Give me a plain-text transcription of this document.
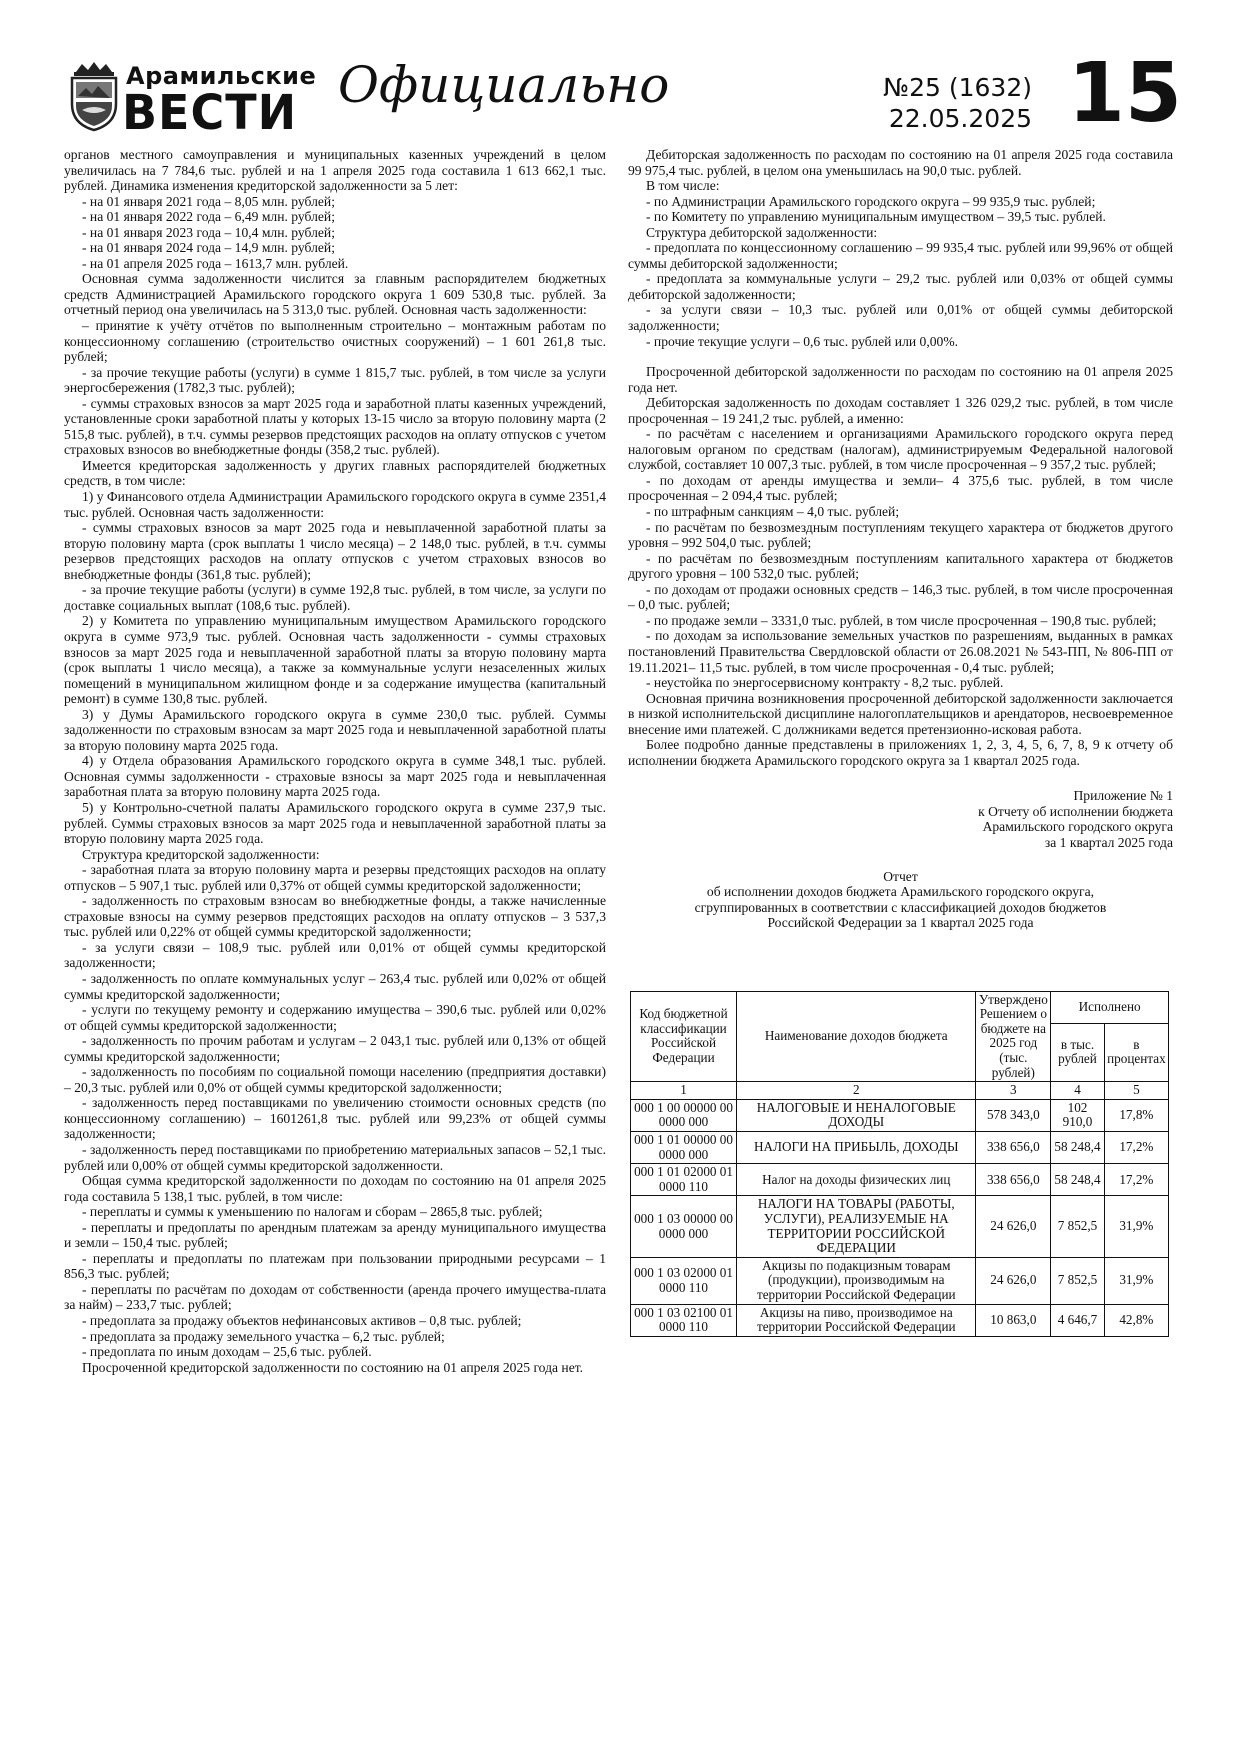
Арамильские
ВЕСТИ Официально	№25 (1632)
22.05.2025 15

органов местного самоуправления и муниципальных казенных учреждений в целом увеличилась на 7 784,6 тыс. рублей и на 1 апреля 2025 года составила 1 613 662,1 тыс. рублей. Динамика изменения кредиторской задолженности за 5 лет:

- на 01 января 2021 года – 8,05 млн. рублей;

- на 01 января 2022 года – 6,49 млн. рублей;

- на 01 января 2023 года – 10,4 млн. рублей;

- на 01 января 2024 года – 14,9 млн. рублей;

- на 01 апреля 2025 года – 1613,7 млн. рублей.

Основная сумма задолженности числится за главным распорядителем бюджетных средств Администрацией Арамильского городского округа 1 609 530,8 тыс. рублей. За отчетный период она увеличилась на 5 313,0 тыс. рублей. Основная часть задолженности:

– принятие к учёту отчётов по выполненным строительно – монтажным работам по концессионному соглашению (строительство очистных сооружений) – 1 601 261,8 тыс. рублей;

- за прочие текущие работы (услуги) в сумме 1 815,7 тыс. рублей, в том числе за услуги энергосбережения (1782,3 тыс. рублей);

- суммы страховых взносов за март 2025 года и заработной платы казенных учреждений, установленные сроки заработной платы у которых 13-15 число за вторую половину марта (2 515,8 тыс. рублей), в т.ч. суммы резервов предстоящих расходов на оплату отпусков с учетом страховых взносов во внебюджетные фонды (358,2 тыс. рублей).

Имеется кредиторская задолженность у других главных распорядителей бюджетных средств, в том числе:

1) у Финансового отдела Администрации Арамильского городского округа в сумме 2351,4 тыс. рублей. Основная часть задолженности:

- суммы страховых взносов за март 2025 года и невыплаченной заработной платы за вторую половину марта (срок выплаты 1 число месяца) – 2 148,0 тыс. рублей, в т.ч. суммы резервов предстоящих расходов на оплату отпусков с учетом страховых взносов во внебюджетные фонды (361,8 тыс. рублей);

- за прочие текущие работы (услуги) в сумме 192,8 тыс. рублей, в том числе, за услуги по доставке социальных выплат (108,6 тыс. рублей).

2) у Комитета по управлению муниципальным имуществом Арамильского городского округа в сумме 973,9 тыс. рублей. Основная часть задолженности - суммы страховых взносов за март 2025 года и невыплаченной заработной платы за вторую половину марта (срок выплаты 1 число месяца), а также за коммунальные услуги незаселенных жилых помещений в муниципальном жилищном фонде и за содержание имущества (капитальный ремонт) в сумме 130,8 тыс. рублей.

3) у Думы Арамильского городского округа в сумме 230,0 тыс. рублей. Суммы задолженности по страховым взносам за март 2025 года и невыплаченной заработной платы за вторую половину марта 2025 года.

4) у Отдела образования Арамильского городского округа в сумме 348,1 тыс. рублей. Основная суммы задолженности - страховые взносы за март 2025 года и невыплаченная заработная плата за вторую половину марта 2025 года.

5) у Контрольно-счетной палаты Арамильского городского округа в сумме 237,9 тыс. рублей. Суммы страховых взносов за март 2025 года и невыплаченной заработной платы за вторую половину марта 2025 года.

Структура кредиторской задолженности:

- заработная плата за вторую половину марта и резервы предстоящих расходов на оплату отпусков – 5 907,1 тыс. рублей или 0,37% от общей суммы кредиторской задолженности;

- задолженность по страховым взносам во внебюджетные фонды, а также начисленные страховые взносы на сумму резервов предстоящих расходов на оплату отпусков – 3 537,3 тыс. рублей или 0,22% от общей суммы кредиторской задолженности;

- за услуги связи – 108,9 тыс. рублей или 0,01% от общей суммы кредиторской задолженности;

- задолженность по оплате коммунальных услуг – 263,4 тыс. рублей или 0,02% от общей суммы кредиторской задолженности;

- услуги по текущему ремонту и содержанию имущества – 390,6 тыс. рублей или 0,02% от общей суммы кредиторской задолженности;

- задолженность по прочим работам и услугам – 2 043,1 тыс. рублей или 0,13% от общей суммы кредиторской задолженности;

- задолженность по пособиям по социальной помощи населению (предприятия доставки) – 20,3 тыс. рублей или 0,0% от общей суммы кредиторской задолженности;

- задолженность перед поставщиками по увеличению стоимости основных средств (по концессионному соглашению) – 1601261,8 тыс. рублей или 99,23% от общей суммы задолженности;

- задолженность перед поставщиками по приобретению материальных запасов – 52,1 тыс. рублей или 0,00% от общей суммы кредиторской задолженности.

Общая сумма кредиторской задолженности по доходам по состоянию на 01 апреля 2025 года составила 5 138,1 тыс. рублей, в том числе:

- переплаты и суммы к уменьшению по налогам и сборам – 2865,8 тыс. рублей;

- переплаты и предоплаты по арендным платежам за аренду муниципального имущества и земли – 150,4 тыс. рублей;

- переплаты и предоплаты по платежам при пользовании природными ресурсами – 1 856,3 тыс. рублей;

- переплаты по расчётам по доходам от собственности (аренда прочего имущества-плата за найм) – 233,7 тыс. рублей;

- предоплата за продажу объектов нефинансовых активов – 0,8 тыс. рублей;

- предоплата за продажу земельного участка – 6,2 тыс. рублей;

- предоплата по иным доходам – 25,6 тыс. рублей.

Просроченной кредиторской задолженности по состоянию на 01 апреля 2025 года нет.

Дебиторская задолженность по расходам по состоянию на 01 апреля 2025 года составила 99 975,4 тыс. рублей, в целом она уменьшилась на 90,0 тыс. рублей.

В том числе:

- по Администрации Арамильского городского округа – 99 935,9 тыс. рублей;

- по Комитету по управлению муниципальным имуществом – 39,5 тыс. рублей.

Структура дебиторской задолженности:

- предоплата по концессионному соглашению – 99 935,4 тыс. рублей или 99,96% от общей суммы дебиторской задолженности;

- предоплата за коммунальные услуги – 29,2 тыс. рублей или 0,03% от общей суммы дебиторской задолженности;

- за услуги связи – 10,3 тыс. рублей или 0,01% от общей суммы дебиторской задолженности;

- прочие текущие услуги – 0,6 тыс. рублей или 0,00%.

Просроченной дебиторской задолженности по расходам по состоянию на 01 апреля 2025 года нет.

Дебиторская задолженность по доходам составляет 1 326 029,2 тыс. рублей, в том числе просроченная – 19 241,2 тыс. рублей, а именно:

- по расчётам с населением и организациями Арамильского городского округа перед налоговым органом по средствам (налогам), администрируемым Федеральной налоговой службой, составляет 10 007,3 тыс. рублей, в том числе просроченная – 9 357,2 тыс. рублей;

- по доходам от аренды имущества и земли– 4 375,6 тыс. рублей, в том числе просроченная – 2 094,4 тыс. рублей;

- по штрафным санкциям – 4,0 тыс. рублей;

- по расчётам по безвозмездным поступлениям текущего характера от бюджетов другого уровня – 992 504,0 тыс. рублей;

- по расчётам по безвозмездным поступлениям капитального характера от бюджетов другого уровня – 100 532,0 тыс. рублей;

- по доходам от продажи основных средств – 146,3 тыс. рублей, в том числе просроченная – 0,0 тыс. рублей;

- по продаже земли – 3331,0 тыс. рублей, в том числе просроченная – 190,8 тыс. рублей;

- по доходам за использование земельных участков по разрешениям, выданных в рамках постановлений Правительства Свердловской области от 26.08.2021 № 543-ПП, № 806-ПП от 19.11.2021– 11,5 тыс. рублей, в том числе просроченная - 0,4 тыс. рублей;

- неустойка по энергосервисному контракту - 8,2 тыс. рублей.

Основная причина возникновения просроченной дебиторской задолженности заключается в низкой исполнительской дисциплине налогоплательщиков и арендаторов, несвоевременное внесение ими платежей. С должниками ведется претензионно-исковая работа.

Более подробно данные представлены в приложениях 1, 2, 3, 4, 5, 6, 7, 8, 9 к отчету об исполнении бюджета Арамильского городского округа за 1 квартал 2025 года.

Приложение № 1
к Отчету об исполнении бюджета
Арамильского городского округа
за 1 квартал 2025 года
Отчет
об исполнении доходов бюджета Арамильского городского округа,
сгруппированных в соответствии с классификацией доходов бюджетов
Российской Федерации за 1 квартал 2025 года
Код бюджетной классификации Российской Федерации	Наименование доходов бюджета	Утверждено Решением о бюджете на 2025 год (тыс. рублей)	Исполнено	
			в тыс. рублей	в процентах
1	2	3	4	5
000 1 00 00000 00 0000 000	НАЛОГОВЫЕ И НЕНАЛОГОВЫЕ ДОХОДЫ	578 343,0	102 910,0	17,8%
000 1 01 00000 00 0000 000	НАЛОГИ НА ПРИБЫЛЬ, ДОХОДЫ	338 656,0	58 248,4	17,2%
000 1 01 02000 01 0000 110	Налог на доходы физических лиц	338 656,0	58 248,4	17,2%
000 1 03 00000 00 0000 000	НАЛОГИ НА ТОВАРЫ (РАБОТЫ, УСЛУГИ), РЕАЛИЗУЕМЫЕ НА ТЕРРИТОРИИ РОССИЙСКОЙ ФЕДЕРАЦИИ	24 626,0	7 852,5	31,9%
000 1 03 02000 01 0000 110	Акцизы по подакцизным товарам (продукции), производимым на территории Российской Федерации	24 626,0	7 852,5	31,9%
000 1 03 02100 01 0000 110	Акцизы на пиво, производимое на территории Российской Федерации	10 863,0	4 646,7	42,8%
